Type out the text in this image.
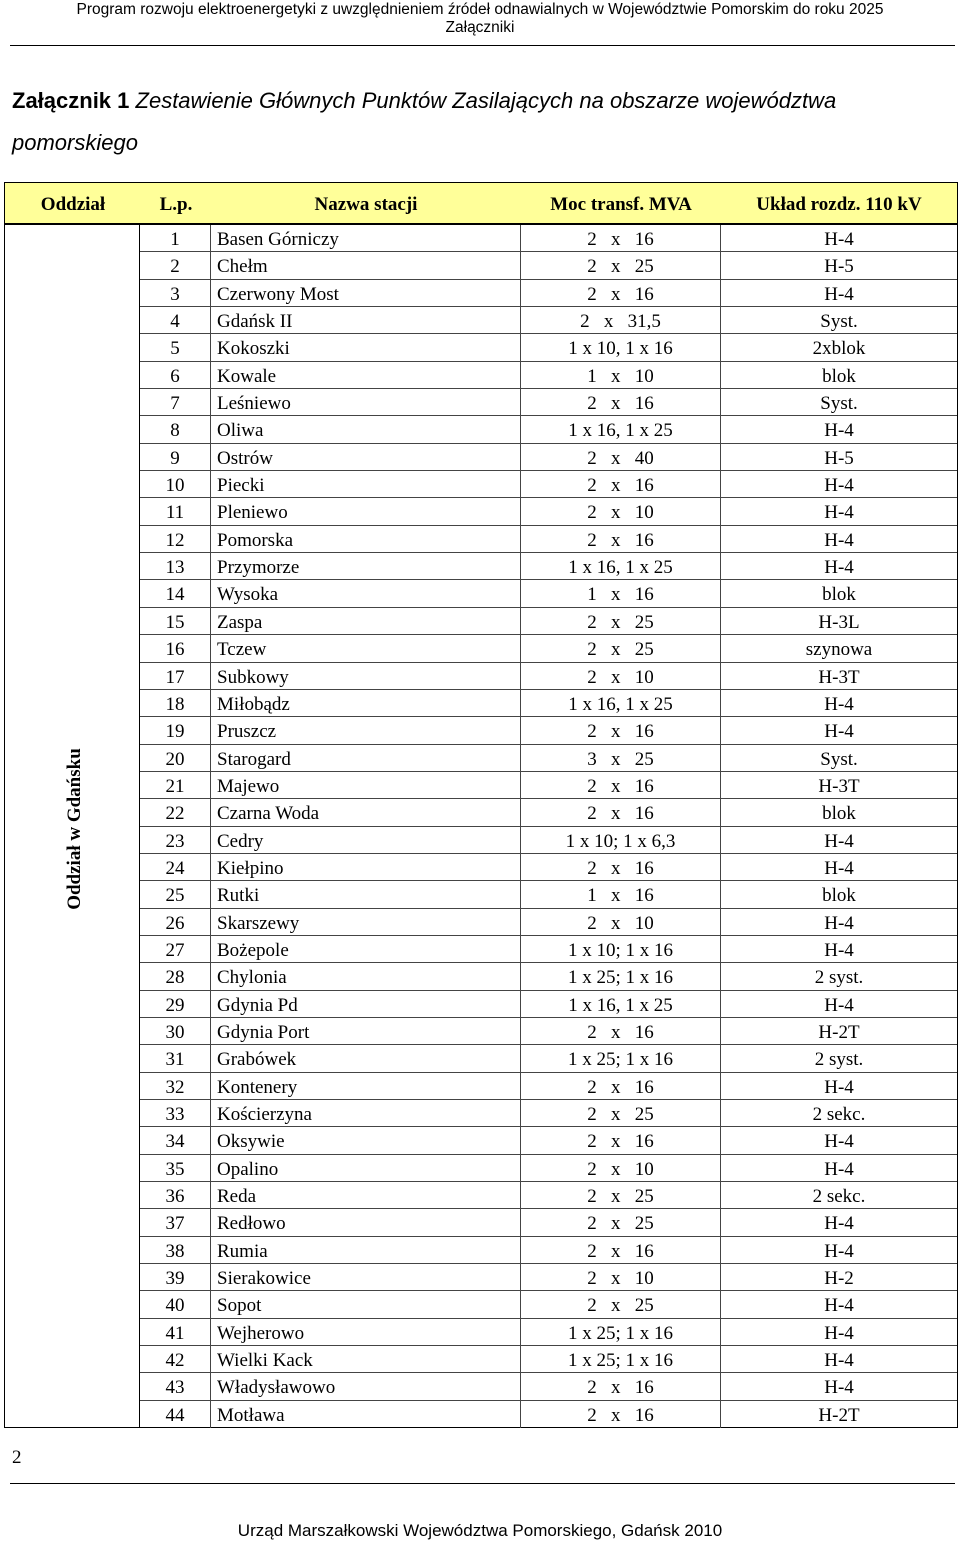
Program rozwoju elektroenergetyki z uwzględnieniem źródeł odnawialnych w Województwie Pomorskim do roku 2025
Załączniki
Załącznik 1 Zestawienie Głównych Punktów Zasilających na obszarze województwa pomorskiego
Oddział	L.p.	Nazwa stacji	Moc transf. MVA	Układ rozdz. 110 kV
Oddział w Gdańsku
1	Basen Górniczy	2   x   16	H-4
2	Chełm	2   x   25	H-5
3	Czerwony Most	2   x   16	H-4
4	Gdańsk II	2   x   31,5	Syst.
5	Kokoszki	1 x 10, 1 x 16	2xblok
6	Kowale	1   x   10	blok
7	Leśniewo	2   x   16	Syst.
8	Oliwa	1 x 16, 1 x 25	H-4
9	Ostrów	2   x   40	H-5
10	Piecki	2   x   16	H-4
11	Pleniewo	2   x   10	H-4
12	Pomorska	2   x   16	H-4
13	Przymorze	1 x 16, 1 x 25	H-4
14	Wysoka	1   x   16	blok
15	Zaspa	2   x   25	H-3L
16	Tczew	2   x   25	szynowa
17	Subkowy	2   x   10	H-3T
18	Miłobądz	1 x 16, 1 x 25	H-4
19	Pruszcz	2   x   16	H-4
20	Starogard	3   x   25	Syst.
21	Majewo	2   x   16	H-3T
22	Czarna Woda	2   x   16	blok
23	Cedry	1 x 10; 1 x 6,3	H-4
24	Kiełpino	2   x   16	H-4
25	Rutki	1   x   16	blok
26	Skarszewy	2   x   10	H-4
27	Bożepole	1 x 10; 1 x 16	H-4
28	Chylonia	1 x 25; 1 x 16	2 syst.
29	Gdynia Pd	1 x 16, 1 x 25	H-4
30	Gdynia Port	2   x   16	H-2T
31	Grabówek	1 x 25; 1 x 16	2 syst.
32	Kontenery	2   x   16	H-4
33	Kościerzyna	2   x   25	2 sekc.
34	Oksywie	2   x   16	H-4
35	Opalino	2   x   10	H-4
36	Reda	2   x   25	2 sekc.
37	Redłowo	2   x   25	H-4
38	Rumia	2   x   16	H-4
39	Sierakowice	2   x   10	H-2
40	Sopot	2   x   25	H-4
41	Wejherowo	1 x 25; 1 x 16	H-4
42	Wielki Kack	1 x 25; 1 x 16	H-4
43	Władysławowo	2   x   16	H-4
44	Motława	2   x   16	H-2T
2
Urząd Marszałkowski Województwa Pomorskiego, Gdańsk 2010
